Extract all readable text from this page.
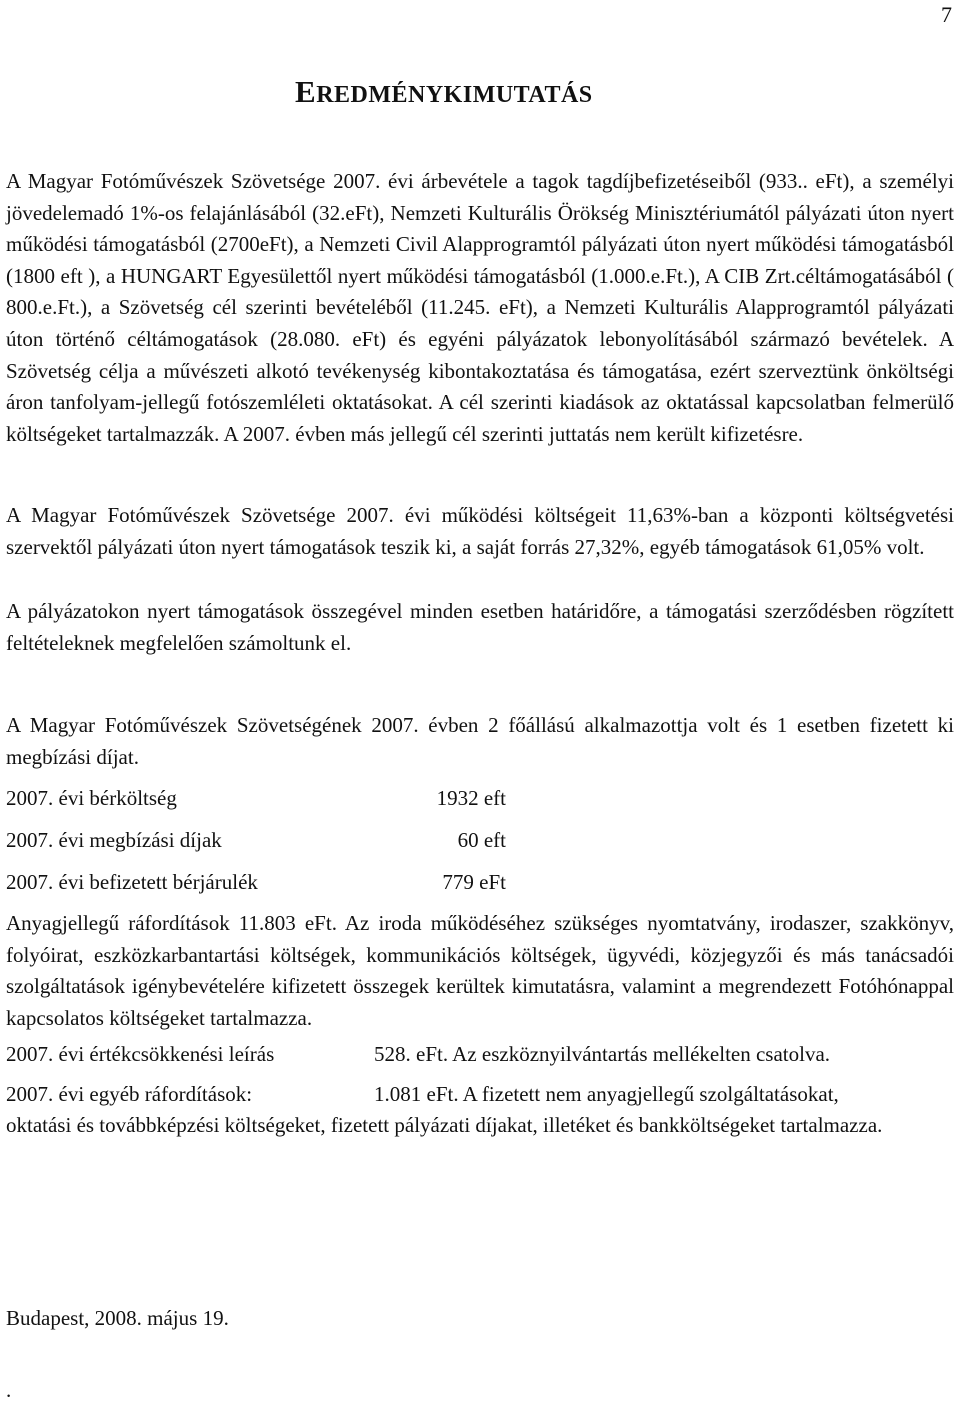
7
EREDMÉNYKIMUTATÁS

A Magyar Fotóművészek Szövetsége 2007. évi árbevétele a tagok tagdíjbefizetéseiből (933.. eFt), a személyi jövedelemadó 1%-os felajánlásából (32.eFt), Nemzeti Kulturális Örökség Minisztériumától pályázati úton nyert működési támogatásból (2700eFt), a Nemzeti Civil Alapprogramtól pályázati úton nyert működési támogatásból (1800 eft ), a HUNGART Egyesülettől nyert működési támogatásból (1.000.e.Ft.), A CIB Zrt.céltámogatásából ( 800.e.Ft.), a Szövetség cél szerinti bevételéből (11.245. eFt), a Nemzeti Kulturális Alapprogramtól pályázati úton történő céltámogatások (28.080. eFt) és egyéni pályázatok lebonyolításából származó bevételek. A Szövetség célja a művészeti alkotó tevékenység kibontakoztatása és támogatása, ezért szerveztünk önköltségi áron tanfolyam-jellegű fotószemléleti oktatásokat. A cél szerinti kiadások az oktatással kapcsolatban felmerülő költségeket tartalmazzák. A 2007. évben más jellegű cél szerinti juttatás nem került kifizetésre.

A Magyar Fotóművészek Szövetsége 2007. évi működési költségeit 11,63%-ban a központi költségvetési szervektől pályázati úton nyert támogatások teszik ki, a saját forrás 27,32%, egyéb támogatások 61,05% volt.

A pályázatokon nyert támogatások összegével minden esetben határidőre, a támogatási szerződésben rögzített feltételeknek megfelelően számoltunk el.

A Magyar Fotóművészek Szövetségének 2007. évben 2 főállású alkalmazottja volt és 1 esetben fizetett ki megbízási díjat.

2007. évi bérköltség	1932 eft
2007. évi megbízási díjak	60 eft
2007. évi befizetett bérjárulék	779 eFt

Anyagjellegű ráfordítások 11.803 eFt. Az iroda működéséhez szükséges nyomtatvány, irodaszer, szakkönyv, folyóirat, eszközkarbantartási költségek, kommunikációs költségek, ügyvédi, közjegyzői és más tanácsadói szolgáltatások igénybevételére kifizetett összegek kerültek kimutatásra, valamint a megrendezett Fotóhónappal kapcsolatos költségeket tartalmazza.

2007. évi értékcsökkenési leírás	528. eFt. Az eszköznyilvántartás mellékelten csatolva.
2007. évi egyéb ráfordítások:	1.081 eFt. A fizetett nem anyagjellegű szolgáltatásokat,

oktatási és továbbképzési költségeket, fizetett pályázati díjakat, illetéket és bankköltségeket tartalmazza.

Budapest, 2008. május 19.
.
